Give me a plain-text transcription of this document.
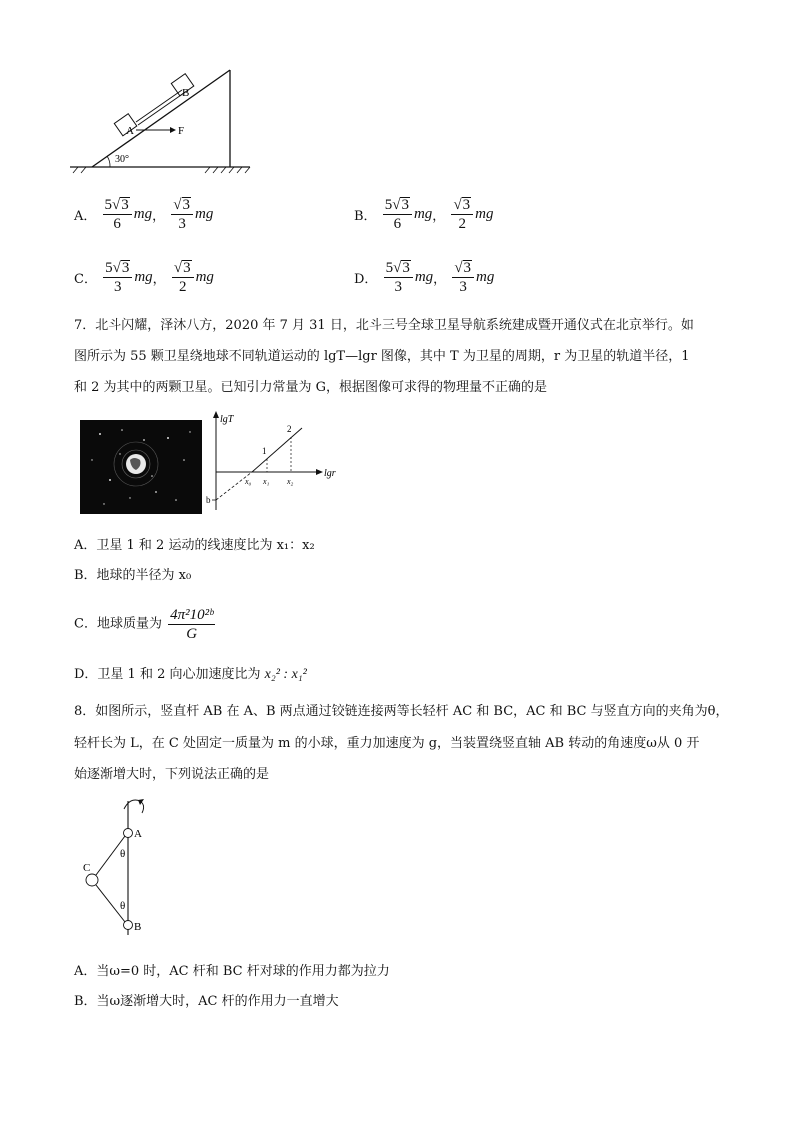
A
B
F
30°
A． $\frac{5√3}{6}$ mg， $\frac{√3}{3}$ mg	B． $\frac{5√3}{6}$ mg， $\frac{√3}{2}$ mg
C． $\frac{5√3}{3}$ mg， $\frac{√3}{2}$ mg	D． $\frac{5√3}{3}$ mg， $\frac{√3}{3}$ mg
7．北斗闪耀，泽沐八方，2020 年 7 月 31 日，北斗三号全球卫星导航系统建成暨开通仪式在北京举行。如
图所示为 55 颗卫星绕地球不同轨道运动的 lgT—lgr 图像，其中 T 为卫星的周期，r 为卫星的轨道半径，1
和 2 为其中的两颗卫星。已知引力常量为 G，根据图像可求得的物理量不正确的是
lgT
lgr
1
2
x₀ x₁ x₂
b
A．卫星 1 和 2 运动的线速度比为 x₁：x₂
B．地球的半径为 x₀
C．地球质量为 $\frac{\text{4π²10²ᵇ}}{G}$
D．卫星 1 和 2 向心加速度比为 x₂² : x₁²
8．如图所示，竖直杆 AB 在 A、B 两点通过铰链连接两等长轻杆 AC 和 BC，AC 和 BC 与竖直方向的夹角为θ，
轻杆长为 L，在 C 处固定一质量为 m 的小球，重力加速度为 g，当装置绕竖直轴 AB 转动的角速度ω从 0 开
始逐渐增大时，下列说法正确的是
A
B
C
θ
θ
A．当ω=0 时，AC 杆和 BC 杆对球的作用力都为拉力
B．当ω逐渐增大时，AC 杆的作用力一直增大
